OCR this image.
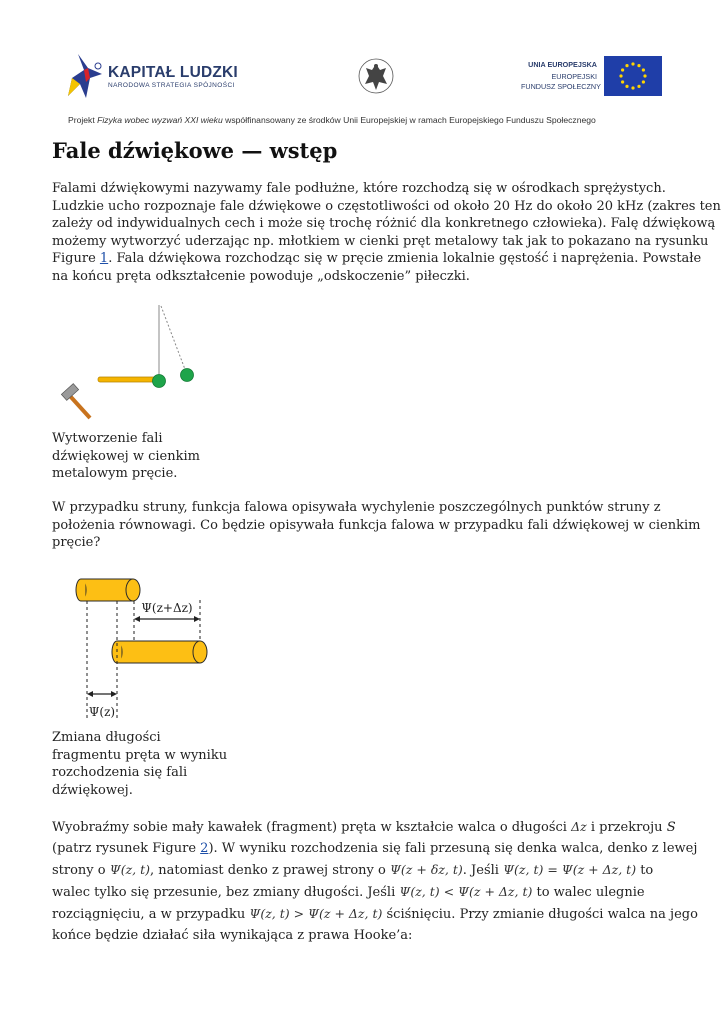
KAPITAŁ LUDZKI
NARODOWA STRATEGIA SPÓJNOŚCI
UNIA EUROPEJSKA
EUROPEJSKI
FUNDUSZ SPOŁECZNY
Projekt Fizyka wobec wyzwań XXI wieku współfinansowany ze środków Unii Europejskiej w ramach Europejskiego Funduszu Społecznego
Fale dźwiękowe — wstęp
Falami dźwiękowymi nazywamy fale podłużne, które rozchodzą się w ośrodkach sprężystych.
Ludzkie ucho rozpoznaje fale dźwiękowe o częstotliwości od około 20 Hz do około 20 kHz (zakres ten
zależy od indywidualnych cech i może się trochę różnić dla konkretnego człowieka). Falę dźwiękową
możemy wytworzyć uderzając np. młotkiem w cienki pręt metalowy tak jak to pokazano na rysunku
Figure 1. Fala dźwiękowa rozchodząc się w pręcie zmienia lokalnie gęstość i naprężenia. Powstałe
na końcu pręta odkształcenie powoduje „odskoczenie” piłeczki.
Wytworzenie fali
dźwiękowej w cienkim
metalowym pręcie.
W przypadku struny, funkcja falowa opisywała wychylenie poszczególnych punktów struny z
położenia równowagi. Co będzie opisywała funkcja falowa w przypadku fali dźwiękowej w cienkim
pręcie?
Ψ(z+Δz)
Ψ(z)
Zmiana długości
fragmentu pręta w wyniku
rozchodzenia się fali
dźwiękowej.
Wyobraźmy sobie mały kawałek (fragment) pręta w kształcie walca o długości Δz i przekroju S
(patrz rysunek Figure 2). W wyniku rozchodzenia się fali przesuną się denka walca, denko z lewej
strony o Ψ(z, t), natomiast denko z prawej strony o Ψ(z + δz, t). Jeśli Ψ(z, t) = Ψ(z + Δz, t) to
walec tylko się przesunie, bez zmiany długości. Jeśli Ψ(z, t) < Ψ(z + Δz, t) to walec ulegnie
rozciągnięciu, a w przypadku Ψ(z, t) > Ψ(z + Δz, t) ściśnięciu. Przy zmianie długości walca na jego
końce będzie działać siła wynikająca z prawa Hooke’a:
